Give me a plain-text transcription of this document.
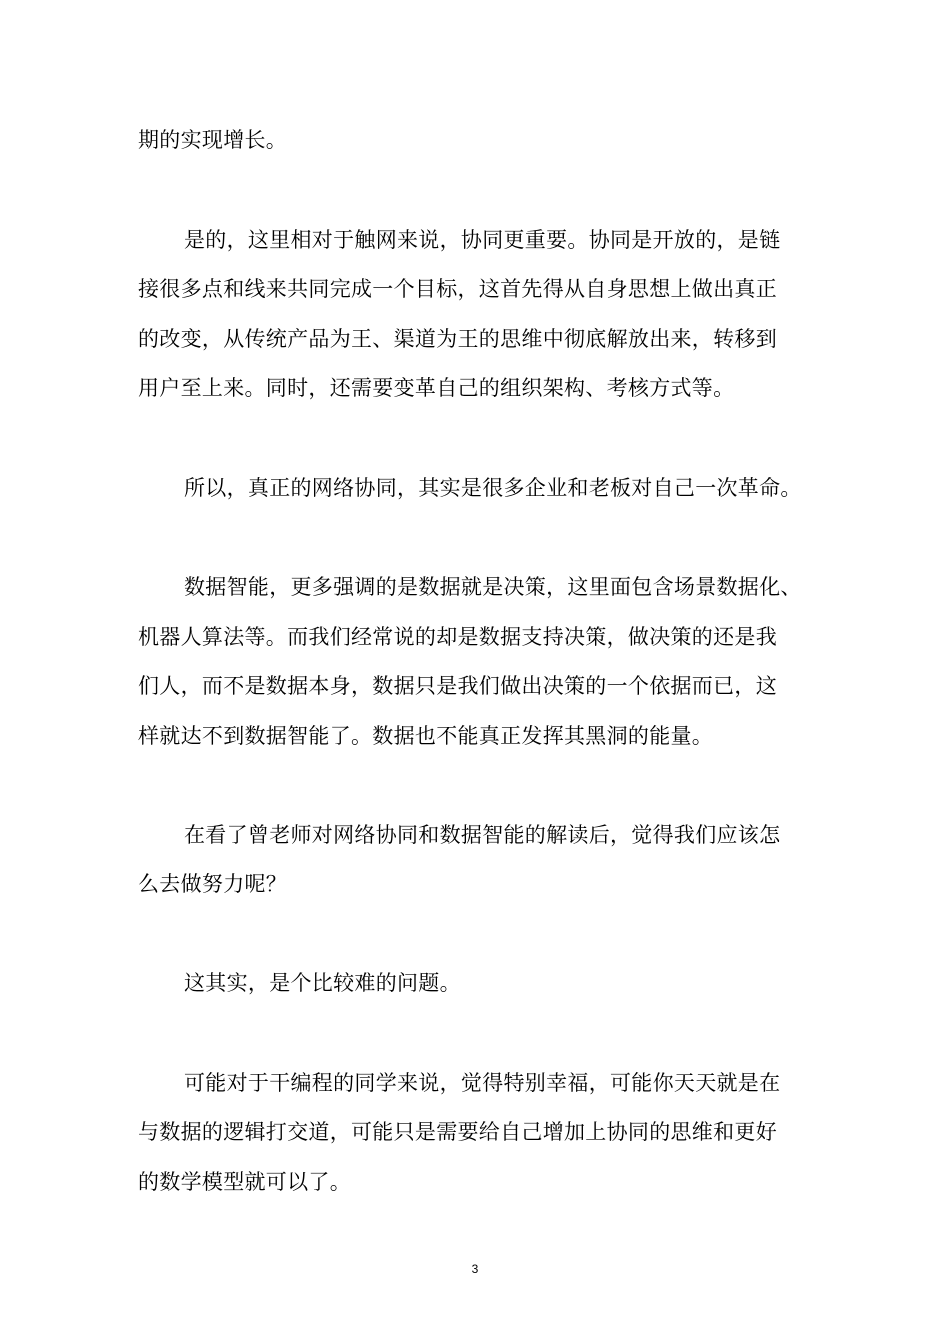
期的实现增长。
是的，这里相对于触网来说，协同更重要。协同是开放的，是链
接很多点和线来共同完成一个目标，这首先得从自身思想上做出真正
的改变，从传统产品为王、渠道为王的思维中彻底解放出来，转移到
用户至上来。同时，还需要变革自己的组织架构、考核方式等。
所以，真正的网络协同，其实是很多企业和老板对自己一次革命。
数据智能，更多强调的是数据就是决策，这里面包含场景数据化、
机器人算法等。而我们经常说的却是数据支持决策，做决策的还是我
们人，而不是数据本身，数据只是我们做出决策的一个依据而已，这
样就达不到数据智能了。数据也不能真正发挥其黑洞的能量。
在看了曾老师对网络协同和数据智能的解读后，觉得我们应该怎
么去做努力呢？
这其实，是个比较难的问题。
可能对于干编程的同学来说，觉得特别幸福，可能你天天就是在
与数据的逻辑打交道，可能只是需要给自己增加上协同的思维和更好
的数学模型就可以了。
3
